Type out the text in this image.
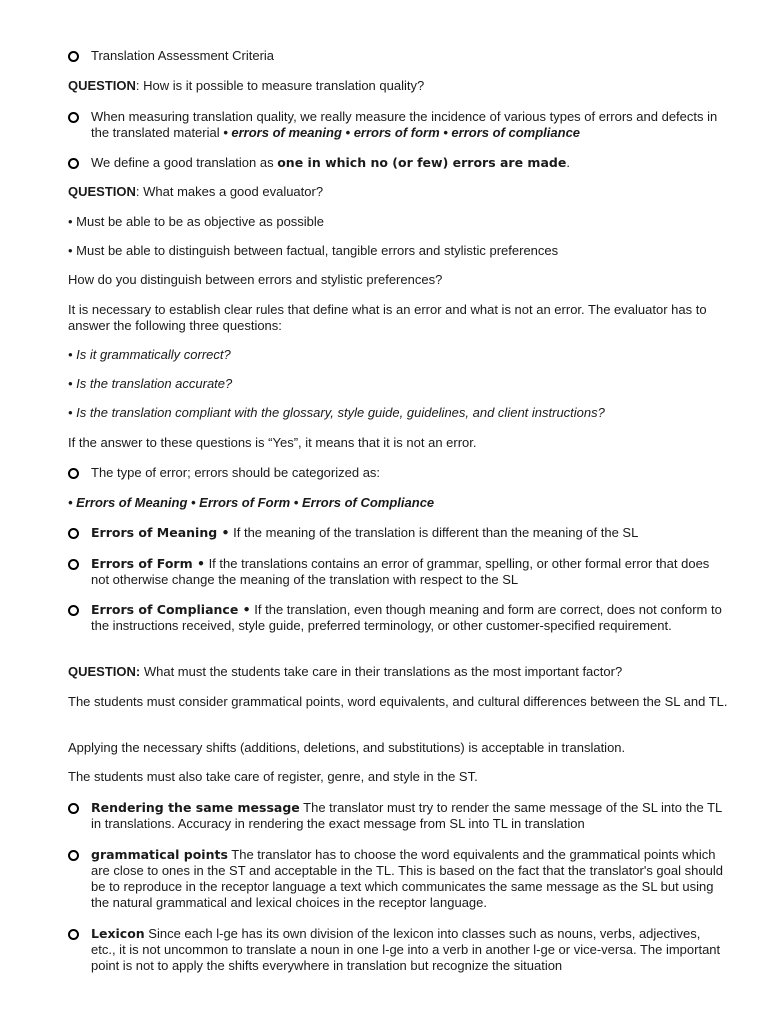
Translation Assessment Criteria

QUESTION: How is it possible to measure translation quality?

When measuring translation quality, we really measure the incidence of various types of errors and defects in the translated material • errors of meaning • errors of form • errors of compliance
We define a good translation as one in which no (or few) errors are made.

QUESTION: What makes a good evaluator?

• Must be able to be as objective as possible

• Must be able to distinguish between factual, tangible errors and stylistic preferences

How do you distinguish between errors and stylistic preferences?

It is necessary to establish clear rules that define what is an error and what is not an error. The evaluator has to answer the following three questions:

• Is it grammatically correct?

• Is the translation accurate?

• Is the translation compliant with the glossary, style guide, guidelines, and client instructions?

If the answer to these questions is “Yes”, it means that it is not an error.

The type of error; errors should be categorized as:

• Errors of Meaning • Errors of Form • Errors of Compliance

Errors of Meaning • If the meaning of the translation is different than the meaning of the SL
Errors of Form • If the translations contains an error of grammar, spelling, or other formal error that does not otherwise change the meaning of the translation with respect to the SL
Errors of Compliance • If the translation, even though meaning and form are correct, does not conform to the instructions received, style guide, preferred terminology, or other customer-specified requirement.

QUESTION: What must the students take care in their translations as the most important factor?

The students must consider grammatical points, word equivalents, and cultural differences between the SL and TL.

Applying the necessary shifts (additions, deletions, and substitutions) is acceptable in translation.

The students must also take care of register, genre, and style in the ST.

Rendering the same message The translator must try to render the same message of the SL into the TL in translations. Accuracy in rendering the exact message from SL into TL in translation
grammatical points The translator has to choose the word equivalents and the grammatical points which are close to ones in the ST and acceptable in the TL. This is based on the fact that the translator's goal should be to reproduce in the receptor language a text which communicates the same message as the SL but using the natural grammatical and lexical choices in the receptor language.
Lexicon Since each l-ge has its own division of the lexicon into classes such as nouns, verbs, adjectives, etc., it is not uncommon to translate a noun in one l-ge into a verb in another l-ge or vice-versa. The important point is not to apply the shifts everywhere in translation but recognize the situation
